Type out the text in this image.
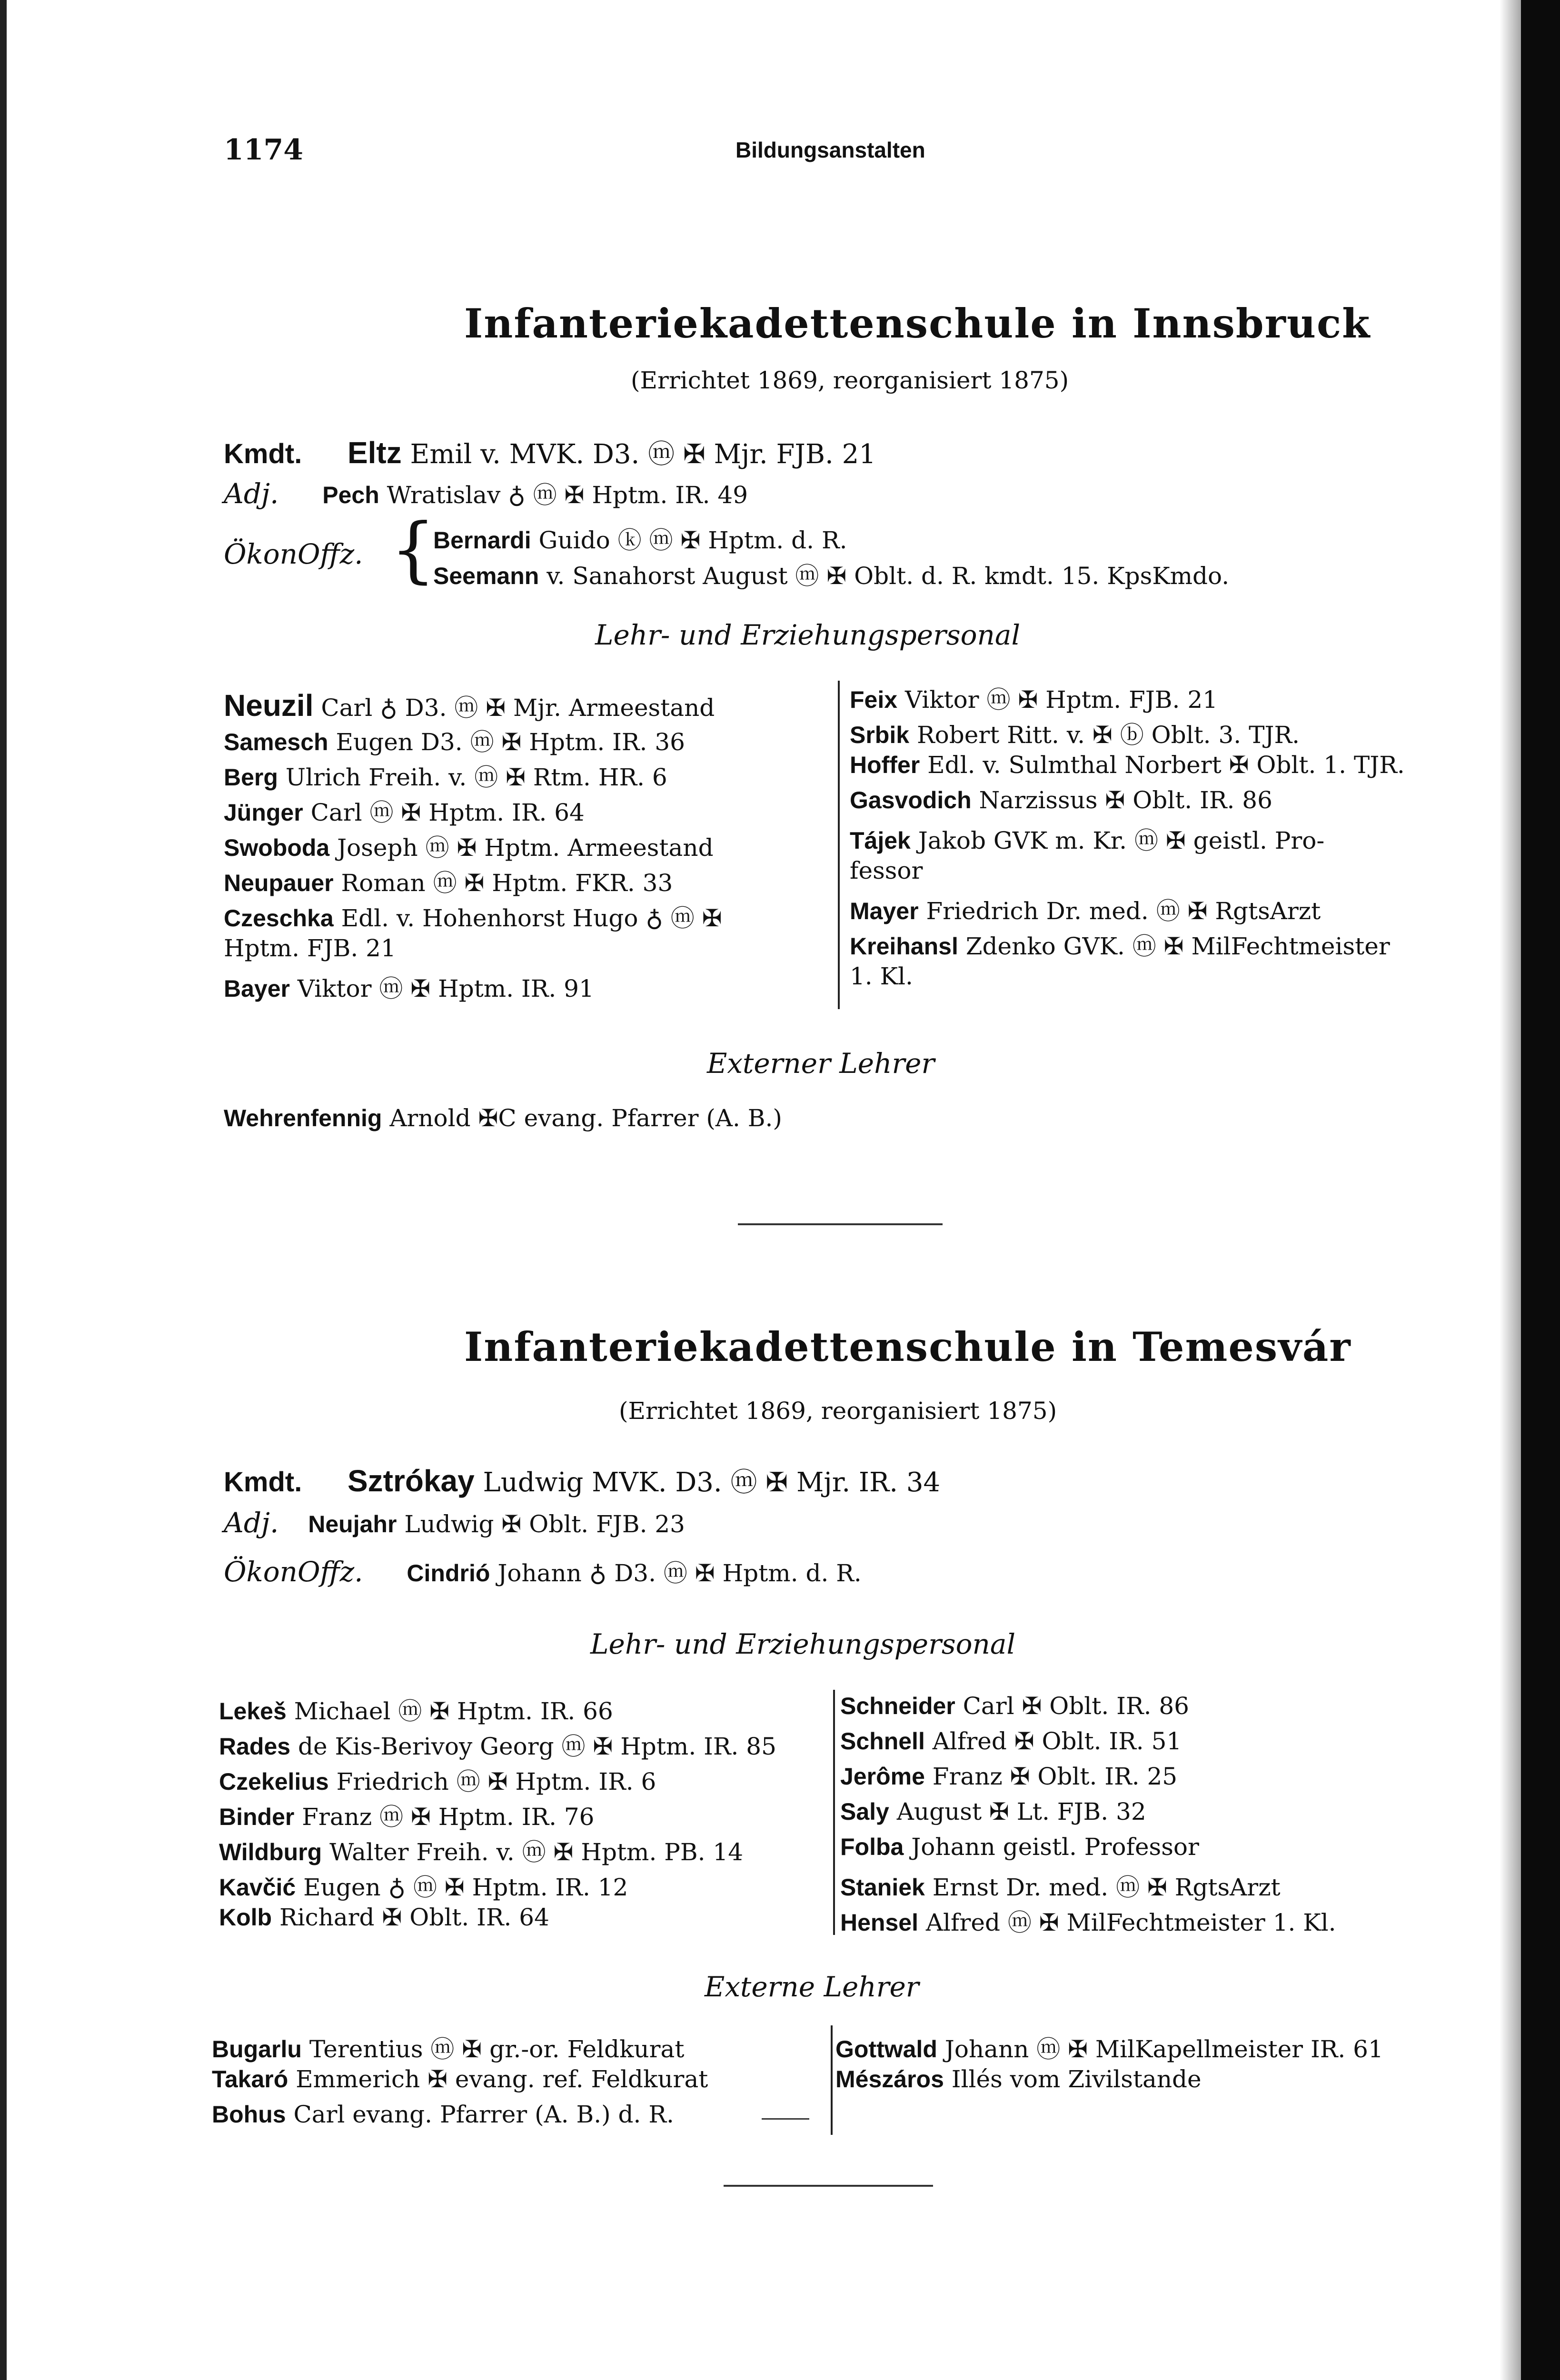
1174	Bildungsanstalten
Infanteriekadettenschule in Innsbruck
(Errichtet 1869, reorganisiert 1875)
Kmdt. Eltz Emil v. MVK. D3. ⓜ ✠ Mjr. FJB. 21
Adj. Pech Wratislav ♁ ⓜ ✠ Hptm. IR. 49
ÖkonOffz. {
Bernardi Guido ⓚ ⓜ ✠ Hptm. d. R.
Seemann v. Sanahorst August ⓜ ✠ Oblt. d. R. kmdt. 15. KpsKmdo.
Lehr- und Erziehungspersonal
Neuzil Carl ♁ D3. ⓜ ✠ Mjr. Armeestand
Samesch Eugen D3. ⓜ ✠ Hptm. IR. 36
Berg Ulrich Freih. v. ⓜ ✠ Rtm. HR. 6
Jünger Carl ⓜ ✠ Hptm. IR. 64
Swoboda Joseph ⓜ ✠ Hptm. Armeestand
Neupauer Roman ⓜ ✠ Hptm. FKR. 33
Czeschka Edl. v. Hohenhorst Hugo ♁ ⓜ ✠
Hptm. FJB. 21
Bayer Viktor ⓜ ✠ Hptm. IR. 91
Feix Viktor ⓜ ✠ Hptm. FJB. 21
Srbik Robert Ritt. v. ✠ ⓑ Oblt. 3. TJR.
Hoffer Edl. v. Sulmthal Norbert ✠ Oblt. 1. TJR.
Gasvodich Narzissus ✠ Oblt. IR. 86
Tájek Jakob GVK m. Kr. ⓜ ✠ geistl. Pro-
fessor
Mayer Friedrich Dr. med. ⓜ ✠ RgtsArzt
Kreihansl Zdenko GVK. ⓜ ✠ MilFechtmeister
1. Kl.
Externer Lehrer
Wehrenfennig Arnold ✠C evang. Pfarrer (A. B.)
Infanteriekadettenschule in Temesvár
(Errichtet 1869, reorganisiert 1875)
Kmdt. Sztrókay Ludwig MVK. D3. ⓜ ✠ Mjr. IR. 34
Adj. Neujahr Ludwig ✠ Oblt. FJB. 23
ÖkonOffz. Cindrió Johann ♁ D3. ⓜ ✠ Hptm. d. R.
Lehr- und Erziehungspersonal
Lekeš Michael ⓜ ✠ Hptm. IR. 66
Rades de Kis-Berivoy Georg ⓜ ✠ Hptm. IR. 85
Czekelius Friedrich ⓜ ✠ Hptm. IR. 6
Binder Franz ⓜ ✠ Hptm. IR. 76
Wildburg Walter Freih. v. ⓜ ✠ Hptm. PB. 14
Kavčić Eugen ♁ ⓜ ✠ Hptm. IR. 12
Kolb Richard ✠ Oblt. IR. 64
Schneider Carl ✠ Oblt. IR. 86
Schnell Alfred ✠ Oblt. IR. 51
Jerôme Franz ✠ Oblt. IR. 25
Saly August ✠ Lt. FJB. 32
Folba Johann geistl. Professor
Staniek Ernst Dr. med. ⓜ ✠ RgtsArzt
Hensel Alfred ⓜ ✠ MilFechtmeister 1. Kl.
Externe Lehrer
Bugarlu Terentius ⓜ ✠ gr.-or. Feldkurat
Takaró Emmerich ✠ evang. ref. Feldkurat
Bohus Carl evang. Pfarrer (A. B.) d. R.
Gottwald Johann ⓜ ✠ MilKapellmeister IR. 61
Mészáros Illés vom Zivilstande
